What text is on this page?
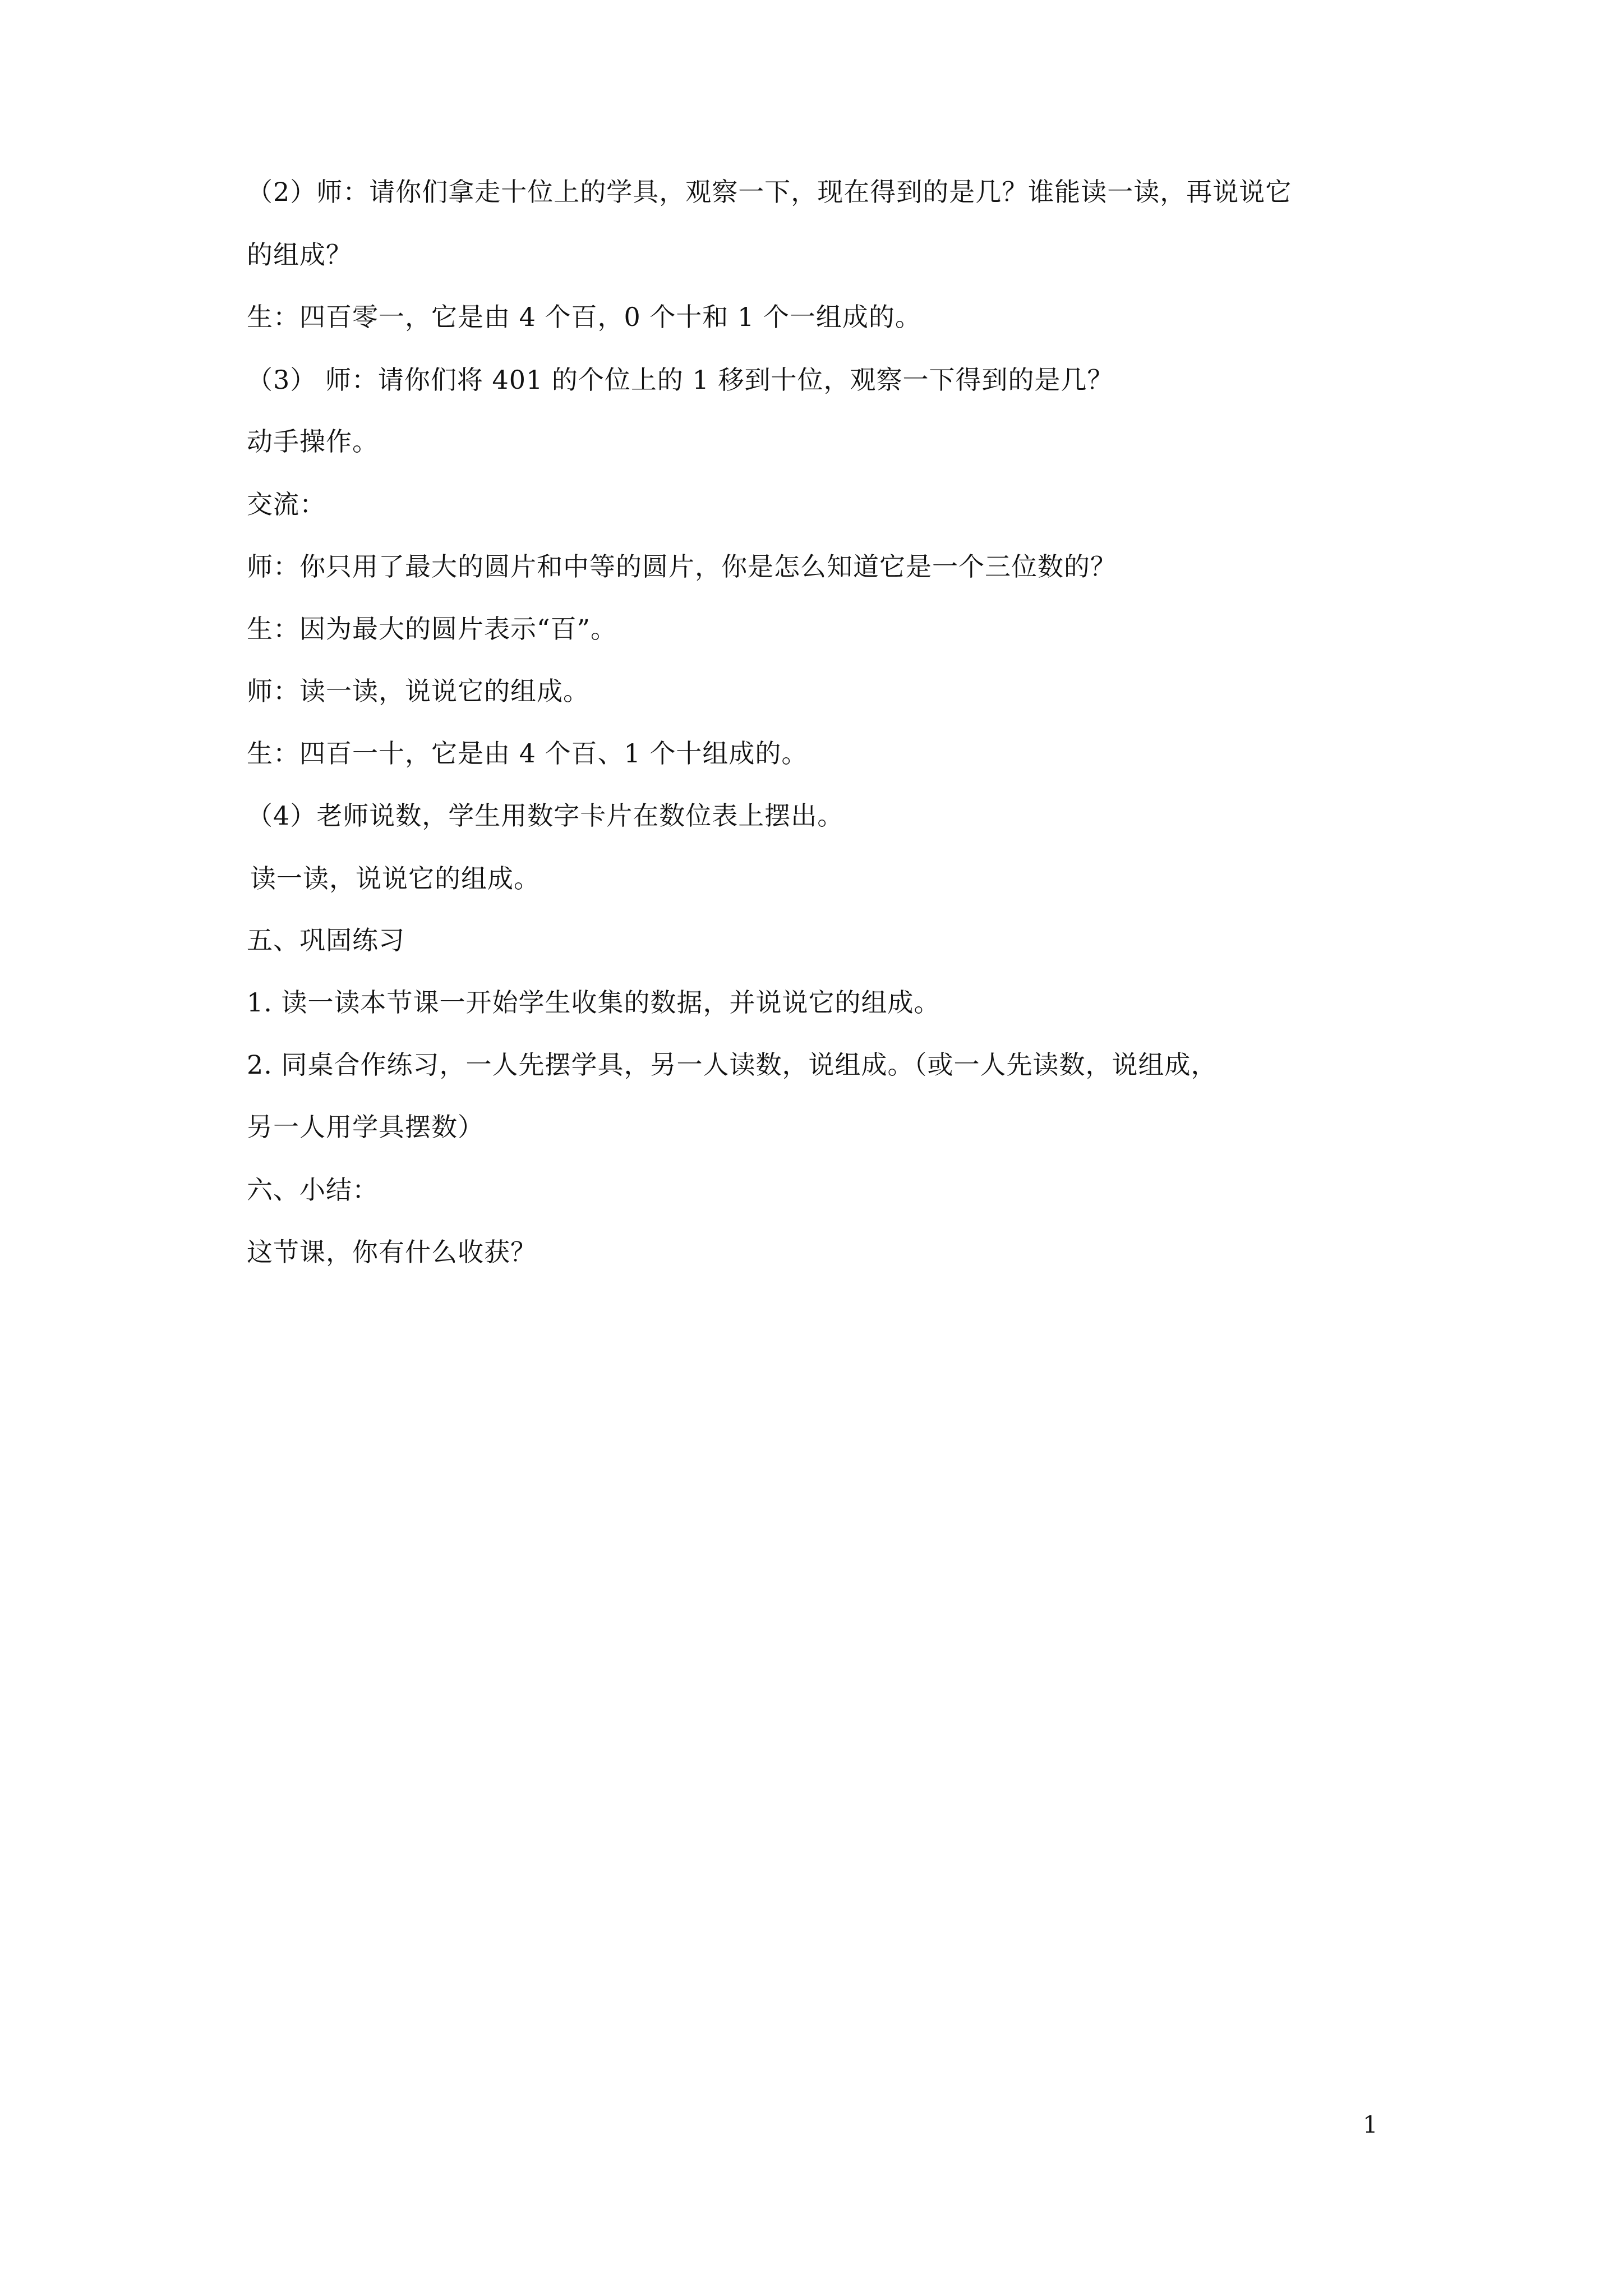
（2）师：请你们拿走十位上的学具，观察一下，现在得到的是几？谁能读一读，再说说它
的组成？
生：四百零一，它是由 4 个百，0 个十和 1 个一组成的。
（3） 师：请你们将 401 的个位上的 1 移到十位，观察一下得到的是几？
动手操作。
交流：
师：你只用了最大的圆片和中等的圆片，你是怎么知道它是一个三位数的？
生：因为最大的圆片表示“百”。
师：读一读，说说它的组成。
生：四百一十，它是由 4 个百、1 个十组成的。
（4）老师说数，学生用数字卡片在数位表上摆出。
读一读，说说它的组成。
五、巩固练习
1. 读一读本节课一开始学生收集的数据，并说说它的组成。
2. 同桌合作练习，一人先摆学具，另一人读数，说组成。（或一人先读数，说组成，
另一人用学具摆数）
六、小结：
这节课，你有什么收获？
1
